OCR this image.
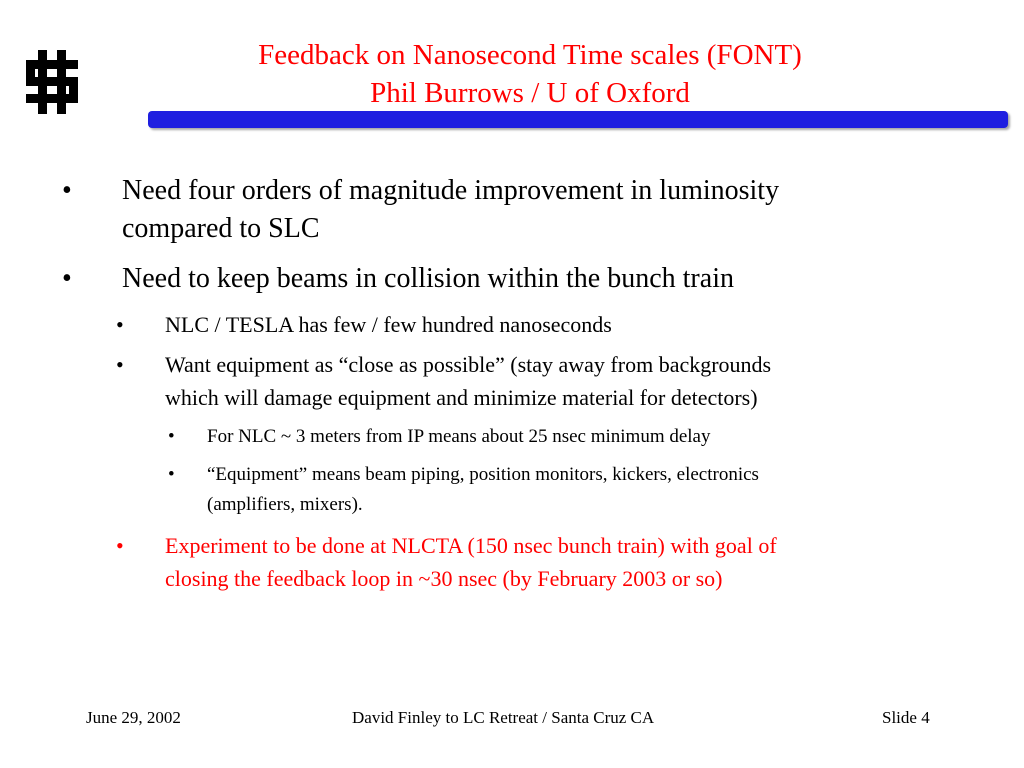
Feedback on Nanosecond Time scales (FONT)
Phil Burrows / U of Oxford
• Need four orders of magnitude improvement in luminosity
compared to SLC

• Need to keep beams in collision within the bunch train

• NLC / TESLA has few / few hundred nanoseconds

• Want equipment as “close as possible” (stay away from backgrounds
which will damage equipment and minimize material for detectors)

• For NLC ~ 3 meters from IP means about 25 nsec minimum delay

• “Equipment” means beam piping, position monitors, kickers, electronics
(amplifiers, mixers).

• Experiment to be done at NLCTA (150 nsec bunch train) with goal of
closing the feedback loop in ~30 nsec (by February 2003 or so)

June 29, 2002	David Finley to LC Retreat / Santa Cruz CA	Slide 4
